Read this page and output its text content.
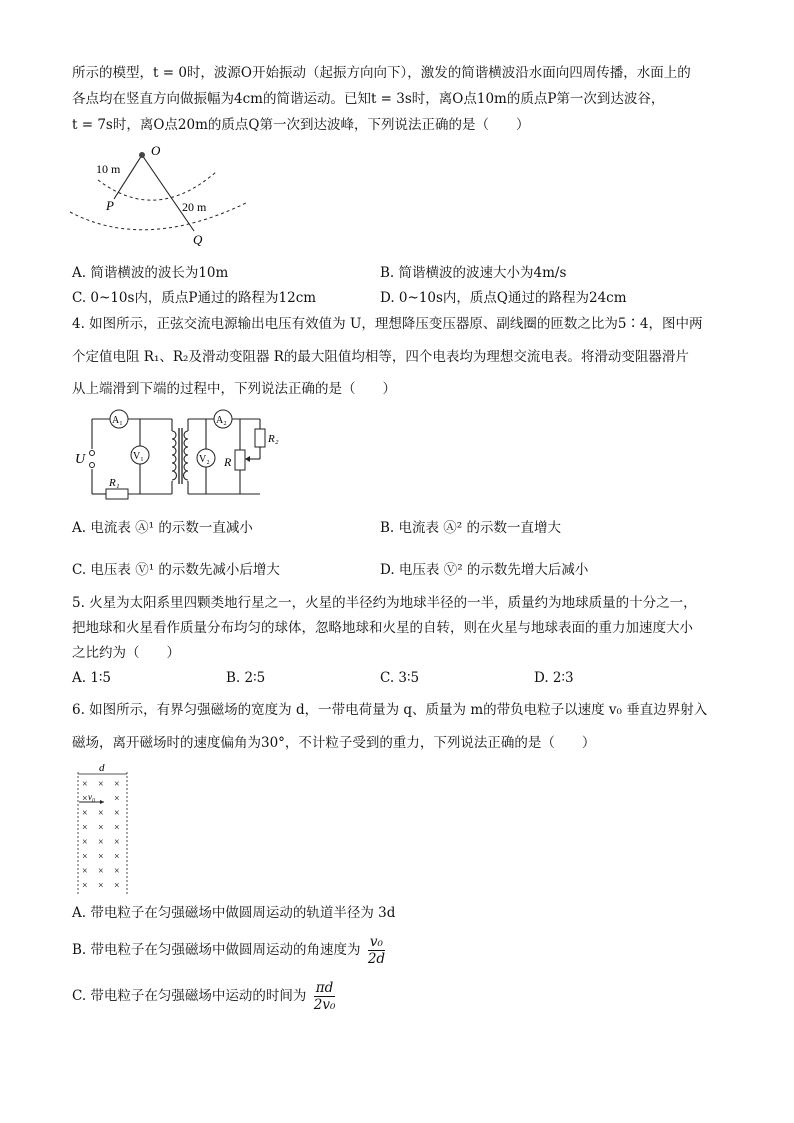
所示的模型，t = 0时，波源O开始振动（起振方向向下），激发的简谐横波沿水面向四周传播，水面上的
各点均在竖直方向做振幅为4cm的简谐运动。已知t = 3s时，离O点10m的质点P第一次到达波谷，
t = 7s时，离O点20m的质点Q第一次到达波峰，下列说法正确的是（　　）
O
P
Q
10 m
20 m
A. 简谐横波的波长为10m	B. 简谐横波的波速大小为4m/s
C. 0~10s内，质点P通过的路程为12cm	D. 0~10s内，质点Q通过的路程为24cm
4. 如图所示，正弦交流电源输出电压有效值为 U，理想降压变压器原、副线圈的匝数之比为5∶4，图中两
个定值电阻 R₁、R₂及滑动变阻器 R的最大阻值均相等，四个电表均为理想交流电表。将滑动变阻器滑片
从上端滑到下端的过程中，下列说法正确的是（　　）
U
R₁
A₁
V₁
A₂
V₂ R
R₂
A. 电流表 Ⓐ¹ 的示数一直减小	B. 电流表 Ⓐ² 的示数一直增大
C. 电压表 Ⓥ¹ 的示数先减小后增大	D. 电压表 Ⓥ² 的示数先增大后减小
5. 火星为太阳系里四颗类地行星之一，火星的半径约为地球半径的一半，质量约为地球质量的十分之一，
把地球和火星看作质量分布均匀的球体，忽略地球和火星的自转，则在火星与地球表面的重力加速度大小
之比约为（　　）
A. 1∶5	B. 2∶5	C. 3∶5	D. 2∶3
6. 如图所示，有界匀强磁场的宽度为 d，一带电荷量为 q、质量为 m的带负电粒子以速度 v₀ 垂直边界射入
磁场，离开磁场时的速度偏角为30°，不计粒子受到的重力，下列说法正确的是（　　）
d
× × ×
×	×
× × ×
× × ×
× × ×
× × ×
× × ×
× × ×
v₀
A. 带电粒子在匀强磁场中做圆周运动的轨道半径为 3d
B. 带电粒子在匀强磁场中做圆周运动的角速度为 $\frac{\text{v₀}}{2d}$
C. 带电粒子在匀强磁场中运动的时间为 $\frac{\pi d}{\text{2v₀}}$
